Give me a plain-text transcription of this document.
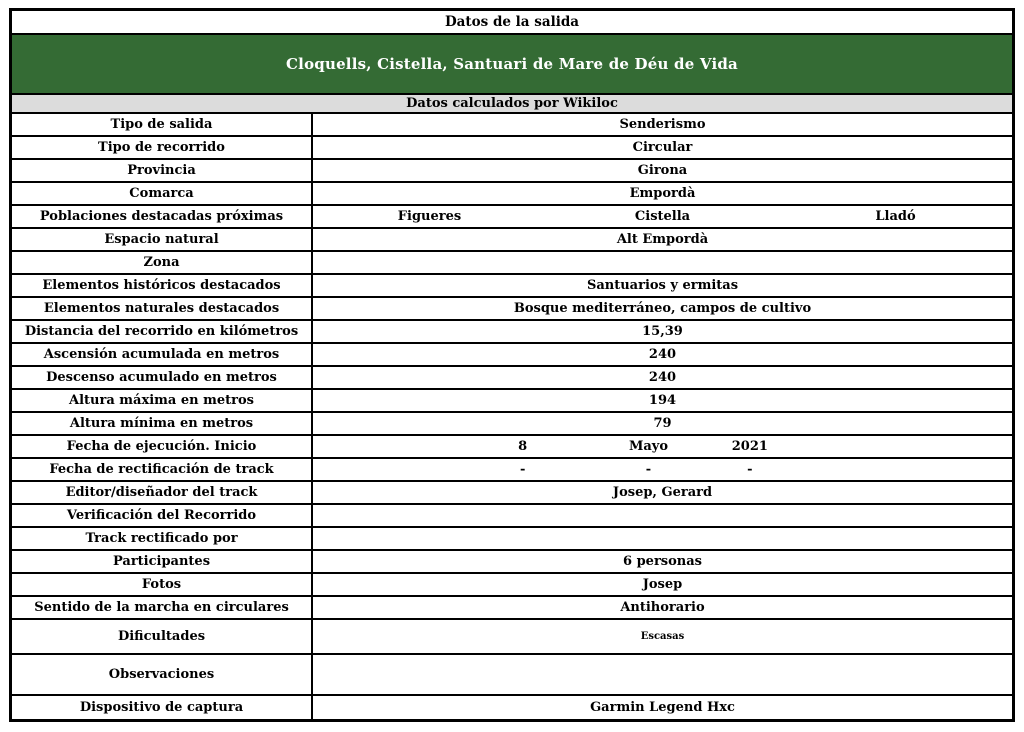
Datos de la salida
Cloquells, Cistella, Santuari de Mare de Déu de Vida
Datos calculados por Wikiloc
Tipo de salida	Senderismo
Tipo de recorrido	Circular
Provincia	Girona
Comarca	Empordà
Poblaciones destacadas próximas	Figueres	Cistella	Lladó
Espacio natural	Alt Empordà
Zona
Elementos históricos destacados	Santuarios y ermitas
Elementos naturales destacados	Bosque mediterráneo, campos de cultivo
Distancia del recorrido en kilómetros	15,39
Ascensión acumulada en metros	240
Descenso acumulado en metros	240
Altura máxima en metros	194
Altura mínima en metros	79
Fecha de ejecución. Inicio	8	Mayo	2021
Fecha de rectificación de track	-	-	-
Editor/diseñador del track	Josep, Gerard
Verificación del Recorrido
Track rectificado por
Participantes	6 personas
Fotos	Josep
Sentido de la marcha en circulares	Antihorario
Dificultades	Escasas
Observaciones
Dispositivo de captura	Garmin Legend Hxc
